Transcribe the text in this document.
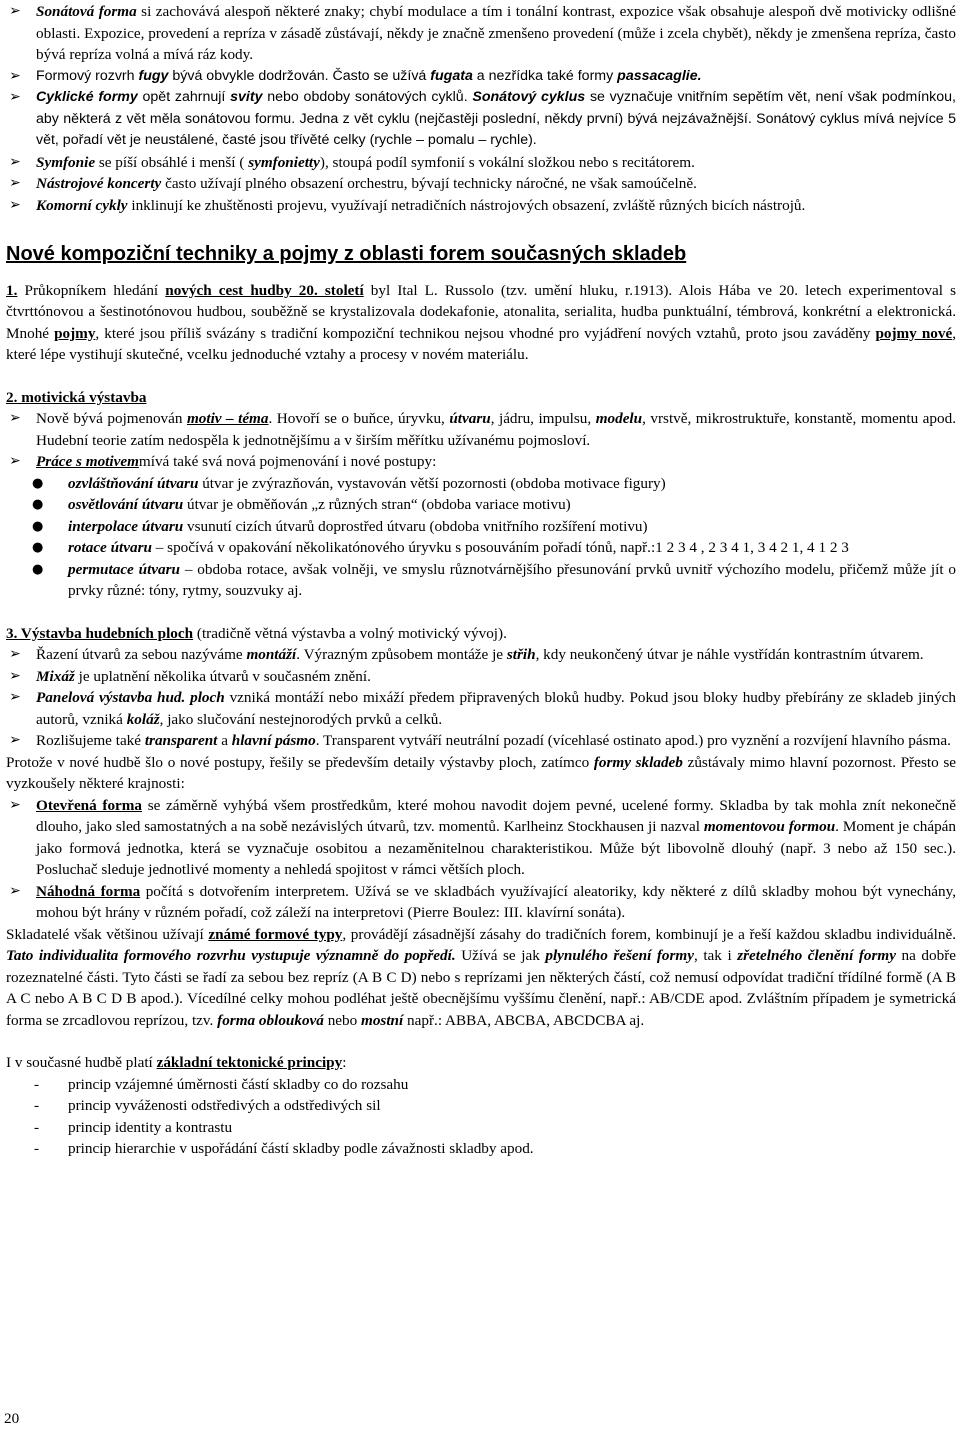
➢ Sonátová forma si zachovává alespoň některé znaky; chybí modulace a tím i tonální kontrast, expozice však obsahuje alespoň dvě motivicky odlišné oblasti. Expozice, provedení a repríza v zásadě zůstávají, někdy je značně zmenšeno provedení (může i zcela chybět), někdy je zmenšena repríza, často bývá repríza volná a mívá ráz kody.
➢ Formový rozvrh fugy bývá obvykle dodržován. Často se užívá fugata a nezřídka také formy passacaglie.
➢ Cyklické formy opět zahrnují svity nebo obdoby sonátových cyklů. Sonátový cyklus se vyznačuje vnitřním sepětím vět, není však podmínkou, aby některá z vět měla sonátovou formu. Jedna z vět cyklu (nejčastěji poslední, někdy první) bývá nejzávažnější. Sonátový cyklus mívá nejvíce 5 vět, pořadí vět je neustálené, časté jsou třívěté celky (rychle – pomalu – rychle).
➢ Symfonie se píší obsáhlé i menší ( symfonietty), stoupá podíl symfonií s vokální složkou nebo s recitátorem.
➢ Nástrojové koncerty často užívají plného obsazení orchestru, bývají technicky náročné, ne však samoúčelně.
➢ Komorní cykly inklinují ke zhuštěnosti projevu, využívají netradičních nástrojových obsazení, zvláště různých bicích nástrojů.
Nové kompoziční techniky a pojmy z oblasti forem současných skladeb

1. Průkopníkem hledání nových cest hudby 20. století byl Ital L. Russolo (tzv. umění hluku, r.1913). Alois Hába ve 20. letech experimentoval s čtvrttónovou a šestinotónovou hudbou, souběžně se krystalizovala dodekafonie, atonalita, serialita, hudba punktuální, témbrová, konkrétní a elektronická. Mnohé pojmy, které jsou příliš svázány s tradiční kompoziční technikou nejsou vhodné pro vyjádření nových vztahů, proto jsou zaváděny pojmy nové, které lépe vystihují skutečné, vcelku jednoduché vztahy a procesy v novém materiálu.

2. motivická výstavba

➢ Nově bývá pojmenován motiv – téma. Hovoří se o buňce, úryvku, útvaru, jádru, impulsu, modelu, vrstvě, mikrostruktuře, konstantě, momentu apod. Hudební teorie zatím nedospěla k jednotnějšímu a v širším měřítku užívanému pojmosloví.
➢ Práce s motivemmívá také svá nová pojmenování i nové postupy:
● ozvláštňování útvaru útvar je zvýrazňován, vystavován větší pozornosti (obdoba motivace figury)
● osvětlování útvaru útvar je obměňován „z různých stran“ (obdoba variace motivu)
● interpolace útvaru vsunutí cizích útvarů doprostřed útvaru (obdoba vnitřního rozšíření motivu)
● rotace útvaru – spočívá v opakování několikatónového úryvku s posouváním pořadí tónů, např.:1 2 3 4 , 2 3 4 1, 3 4 2 1, 4 1 2 3
● permutace útvaru – obdoba rotace, avšak volněji, ve smyslu různotvárnějšího přesunování prvků uvnitř výchozího modelu, přičemž může jít o prvky různé: tóny, rytmy, souzvuky aj.

3. Výstavba hudebních ploch (tradičně větná výstavba a volný motivický vývoj).

➢ Řazení útvarů za sebou nazýváme montáží. Výrazným způsobem montáže je střih, kdy neukončený útvar je náhle vystřídán kontrastním útvarem.
➢ Mixáž je uplatnění několika útvarů v současném znění.
➢ Panelová výstavba hud. ploch vzniká montáží nebo mixáží předem připravených bloků hudby. Pokud jsou bloky hudby přebírány ze skladeb jiných autorů, vzniká koláž, jako slučování nestejnorodých prvků a celků.
➢ Rozlišujeme také transparent a hlavní pásmo. Transparent vytváří neutrální pozadí (vícehlasé ostinato apod.) pro vyznění a rozvíjení hlavního pásma.

Protože v nové hudbě šlo o nové postupy, řešily se především detaily výstavby ploch, zatímco formy skladeb zůstávaly mimo hlavní pozornost. Přesto se vyzkoušely některé krajnosti:

➢ Otevřená forma se záměrně vyhýbá všem prostředkům, které mohou navodit dojem pevné, ucelené formy. Skladba by tak mohla znít nekonečně dlouho, jako sled samostatných a na sobě nezávislých útvarů, tzv. momentů. Karlheinz Stockhausen ji nazval momentovou formou. Moment je chápán jako formová jednotka, která se vyznačuje osobitou a nezaměnitelnou charakteristikou. Může být libovolně dlouhý (např. 3 nebo až 150 sec.). Posluchač sleduje jednotlivé momenty a nehledá spojitost v rámci větších ploch.
➢ Náhodná forma počítá s dotvořením interpretem. Užívá se ve skladbách využívající aleatoriky, kdy některé z dílů skladby mohou být vynechány, mohou být hrány v různém pořadí, což záleží na interpretovi (Pierre Boulez: III. klavírní sonáta).

Skladatelé však většinou užívají známé formové typy, provádějí zásadnější zásahy do tradičních forem, kombinují je a řeší každou skladbu individuálně. Tato individualita formového rozvrhu vystupuje významně do popředí. Užívá se jak plynulého řešení formy, tak i zřetelného členění formy na dobře rozeznatelné části. Tyto části se řadí za sebou bez repríz (A B C D) nebo s reprízami jen některých částí, což nemusí odpovídat tradiční třídílné formě (A B A C nebo A B C D B apod.). Vícedílné celky mohou podléhat ještě obecnějšímu vyššímu členění, např.: AB/CDE apod. Zvláštním případem je symetrická forma se zrcadlovou reprízou, tzv. forma oblouková nebo mostní např.: ABBA, ABCBA, ABCDCBA aj.

I v současné hudbě platí základní tektonické principy:

- princip vzájemné úměrnosti částí skladby co do rozsahu
- princip vyváženosti odstředivých a odstředivých sil
- princip identity a kontrastu
- princip hierarchie v uspořádání částí skladby podle závažnosti skladby apod.
20
